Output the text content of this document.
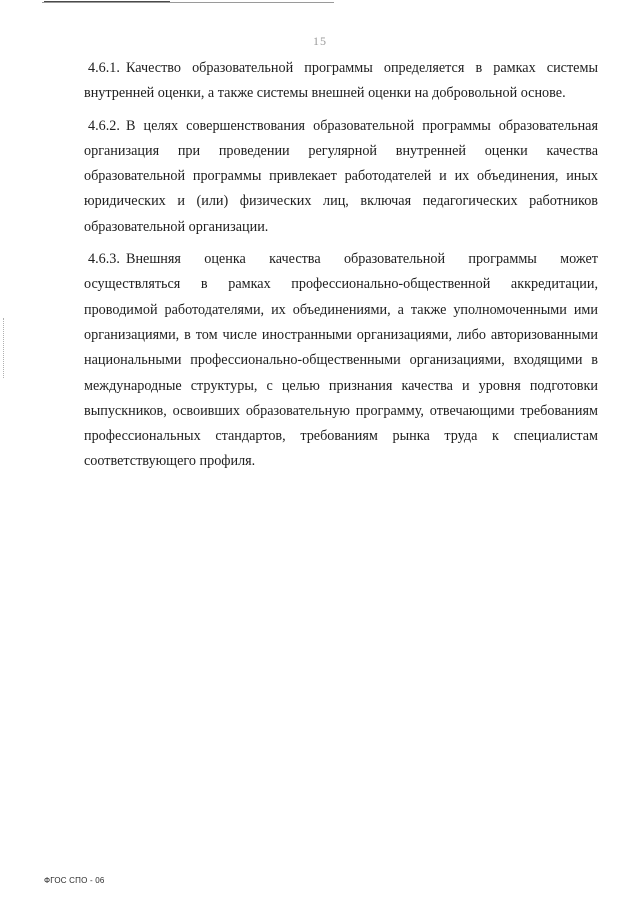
15

4.6.1. Качество образовательной программы определяется в рамках системы внутренней оценки, а также системы внешней оценки на добровольной основе.

4.6.2. В целях совершенствования образовательной программы образовательная организация при проведении регулярной внутренней оценки качества образовательной программы привлекает работодателей и их объединения, иных юридических и (или) физических лиц, включая педагогических работников образовательной организации.

4.6.3. Внешняя оценка качества образовательной программы может осуществляться в рамках профессионально-общественной аккредитации, проводимой работодателями, их объединениями, а также уполномоченными ими организациями, в том числе иностранными организациями, либо авторизованными национальными профессионально-общественными организациями, входящими в международные структуры, с целью признания качества и уровня подготовки выпускников, освоивших образовательную программу, отвечающими требованиям профессиональных стандартов, требованиям рынка труда к специалистам соответствующего профиля.

ФГОС СПО - 06
